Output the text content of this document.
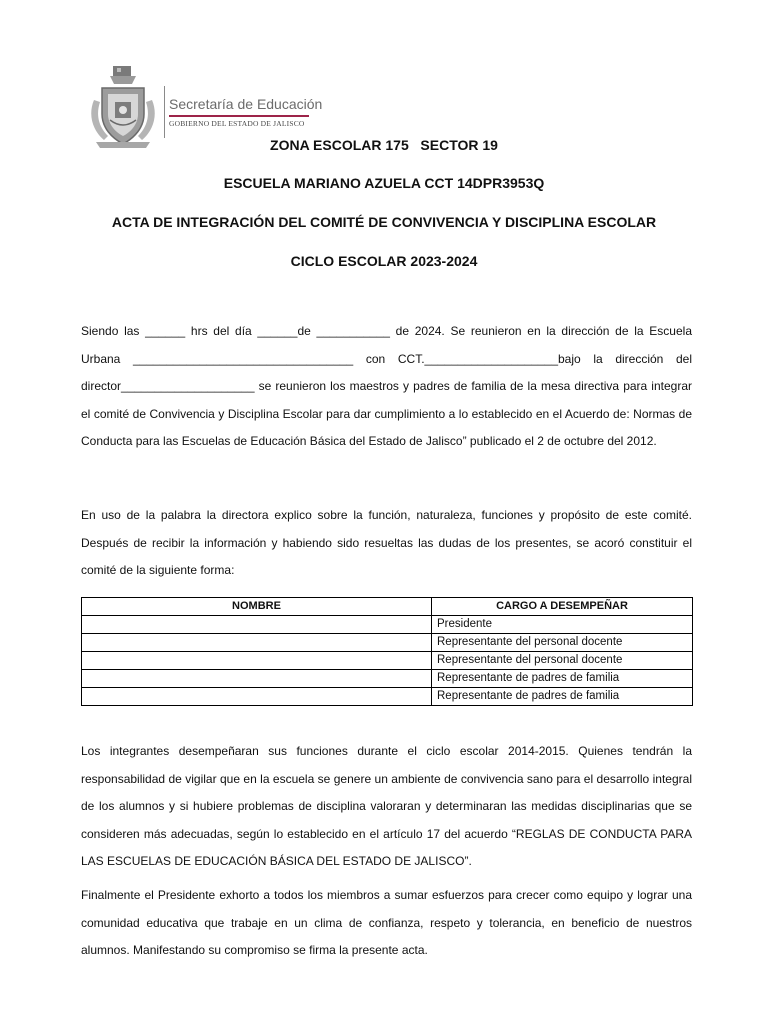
Secretaría de Educación
GOBIERNO DEL ESTADO DE JALISCO
ZONA ESCOLAR 175   SECTOR 19
ESCUELA MARIANO AZUELA CCT 14DPR3953Q
ACTA DE INTEGRACIÓN DEL COMITÉ DE CONVIVENCIA Y DISCIPLINA ESCOLAR
CICLO ESCOLAR 2023-2024
Siendo las ______ hrs del día ______de ___________ de 2024. Se reunieron en la dirección de la Escuela Urbana _________________________________ con CCT.____________________bajo la dirección del director____________________ se reunieron los maestros y padres de familia de la mesa directiva para integrar el comité de Convivencia y Disciplina Escolar para dar cumplimiento a lo establecido en el Acuerdo de: Normas de Conducta para las Escuelas de Educación Básica del Estado de Jalisco” publicado el 2 de octubre del 2012.
En uso de la palabra la directora explico sobre la función, naturaleza, funciones y propósito de este comité. Después de recibir la información y habiendo sido resueltas las dudas de los presentes, se acoró constituir el comité de la siguiente forma:
NOMBRE	CARGO A DESEMPEÑAR
	Presidente
	Representante del personal docente
	Representante del personal docente
	Representante de padres de familia
	Representante de padres de familia
Los integrantes desempeñaran sus funciones durante el ciclo escolar 2014-2015. Quienes tendrán la responsabilidad de vigilar que en la escuela se genere un ambiente de convivencia sano para el desarrollo integral de los alumnos y si hubiere problemas de disciplina valoraran y determinaran las medidas disciplinarias que se consideren más adecuadas, según lo establecido en el artículo 17 del acuerdo “REGLAS DE CONDUCTA PARA LAS ESCUELAS DE EDUCACIÓN BÁSICA DEL ESTADO DE JALISCO”.
Finalmente el Presidente exhorto a todos los miembros a sumar esfuerzos para crecer como equipo y lograr una comunidad educativa que trabaje en un clima de confianza, respeto y tolerancia, en beneficio de nuestros alumnos. Manifestando su compromiso se firma la presente acta.
